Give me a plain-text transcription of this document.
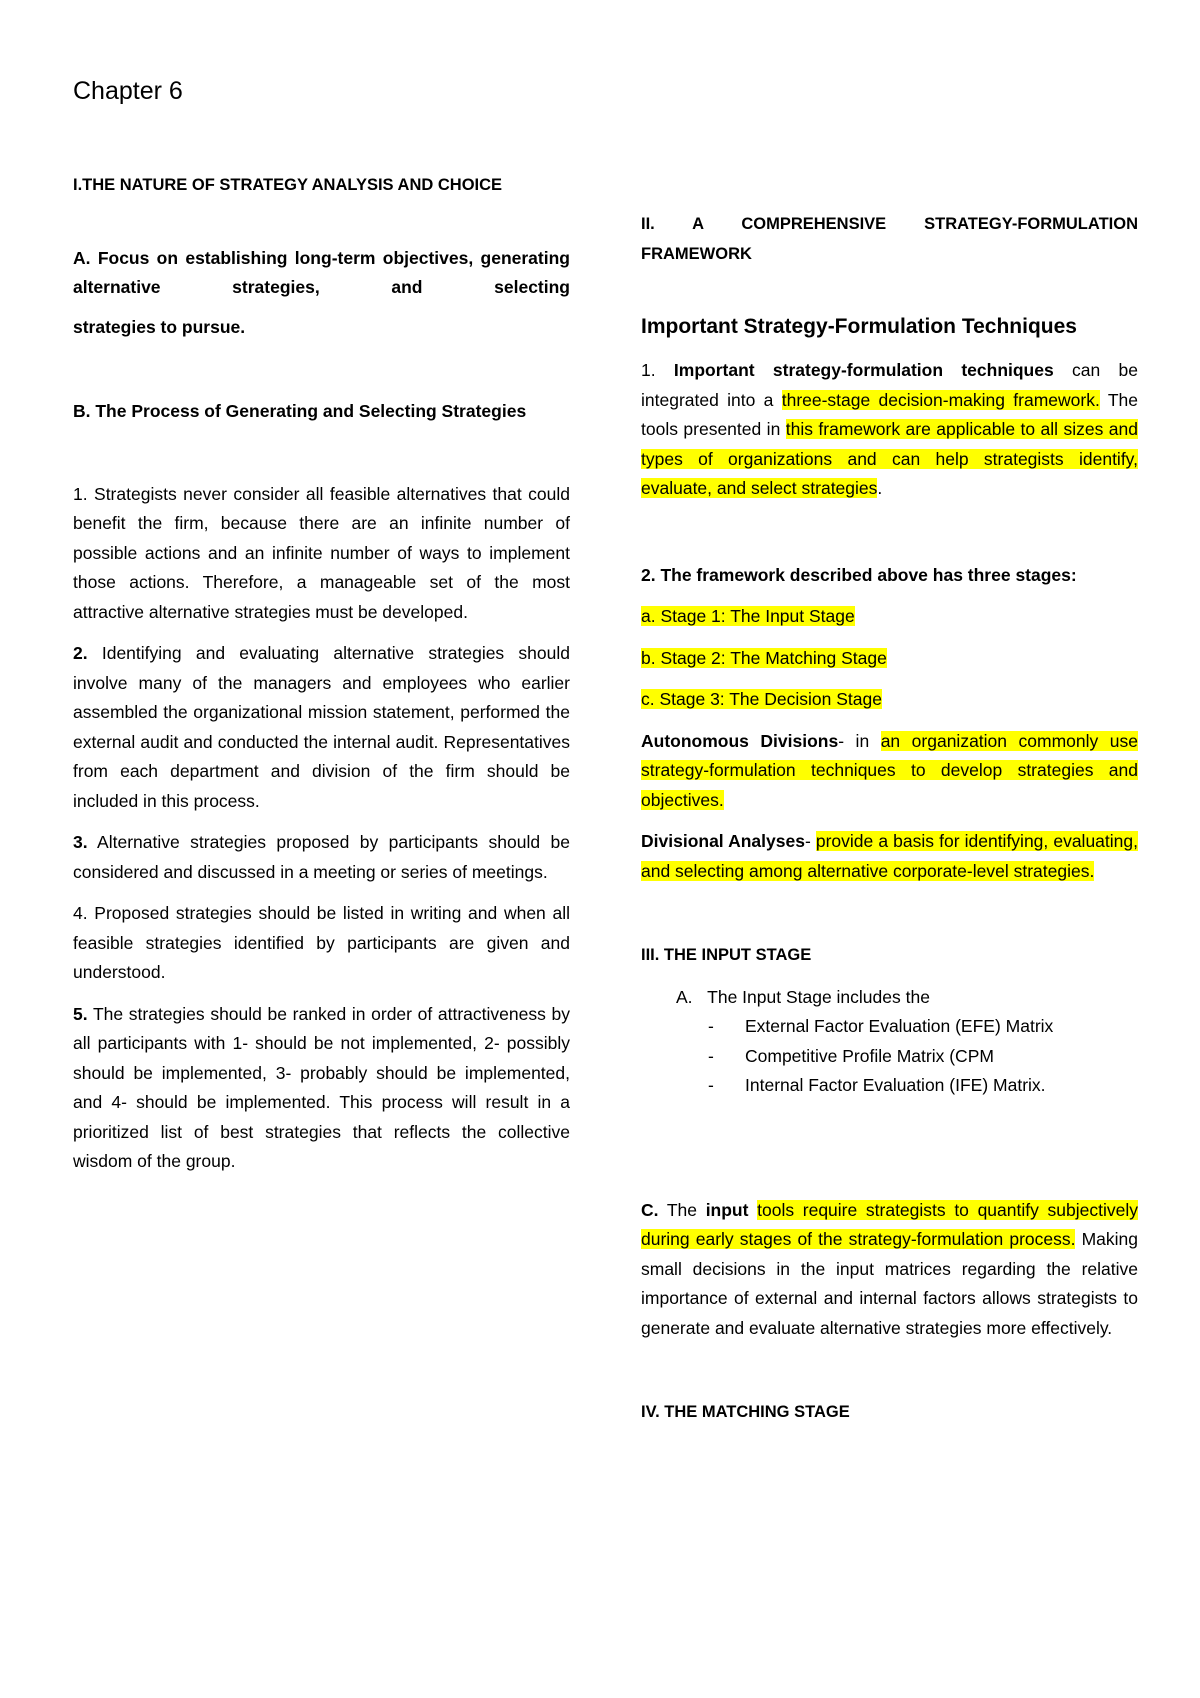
Chapter 6

I.THE NATURE OF STRATEGY ANALYSIS AND CHOICE

A. Focus on establishing long-term objectives, generating alternative strategies, and selecting

strategies to pursue.

B. The Process of Generating and Selecting Strategies

1. Strategists never consider all feasible alternatives that could benefit the firm, because there are an infinite number of possible actions and an infinite number of ways to implement those actions. Therefore, a manageable set of the most attractive alternative strategies must be developed.

2. Identifying and evaluating alternative strategies should involve many of the managers and employees who earlier assembled the organizational mission statement, performed the external audit and conducted the internal audit. Representatives from each department and division of the firm should be included in this process.

3. Alternative strategies proposed by participants should be considered and discussed in a meeting or series of meetings.

4. Proposed strategies should be listed in writing and when all feasible strategies identified by participants are given and understood.

5. The strategies should be ranked in order of attractiveness by all participants with 1- should be not implemented, 2- possibly should be implemented, 3- probably should be implemented, and 4- should be implemented. This process will result in a prioritized list of best strategies that reflects the collective wisdom of the group.

II. A COMPREHENSIVE STRATEGY-FORMULATION FRAMEWORK

Important Strategy-Formulation Techniques

1. Important strategy-formulation techniques can be integrated into a three-stage decision-making framework. The tools presented in this framework are applicable to all sizes and types of organizations and can help strategists identify, evaluate, and select strategies.

2. The framework described above has three stages:

a. Stage 1: The Input Stage

b. Stage 2: The Matching Stage

c. Stage 3: The Decision Stage

Autonomous Divisions- in an organization commonly use strategy-formulation techniques to develop strategies and objectives.

Divisional Analyses- provide a basis for identifying, evaluating, and selecting among alternative corporate-level strategies.

III. THE INPUT STAGE

A. The Input Stage includes the

- External Factor Evaluation (EFE) Matrix
- Competitive Profile Matrix (CPM
- Internal Factor Evaluation (IFE) Matrix.

C. The input tools require strategists to quantify subjectively during early stages of the strategy-formulation process. Making small decisions in the input matrices regarding the relative importance of external and internal factors allows strategists to generate and evaluate alternative strategies more effectively.

IV. THE MATCHING STAGE
